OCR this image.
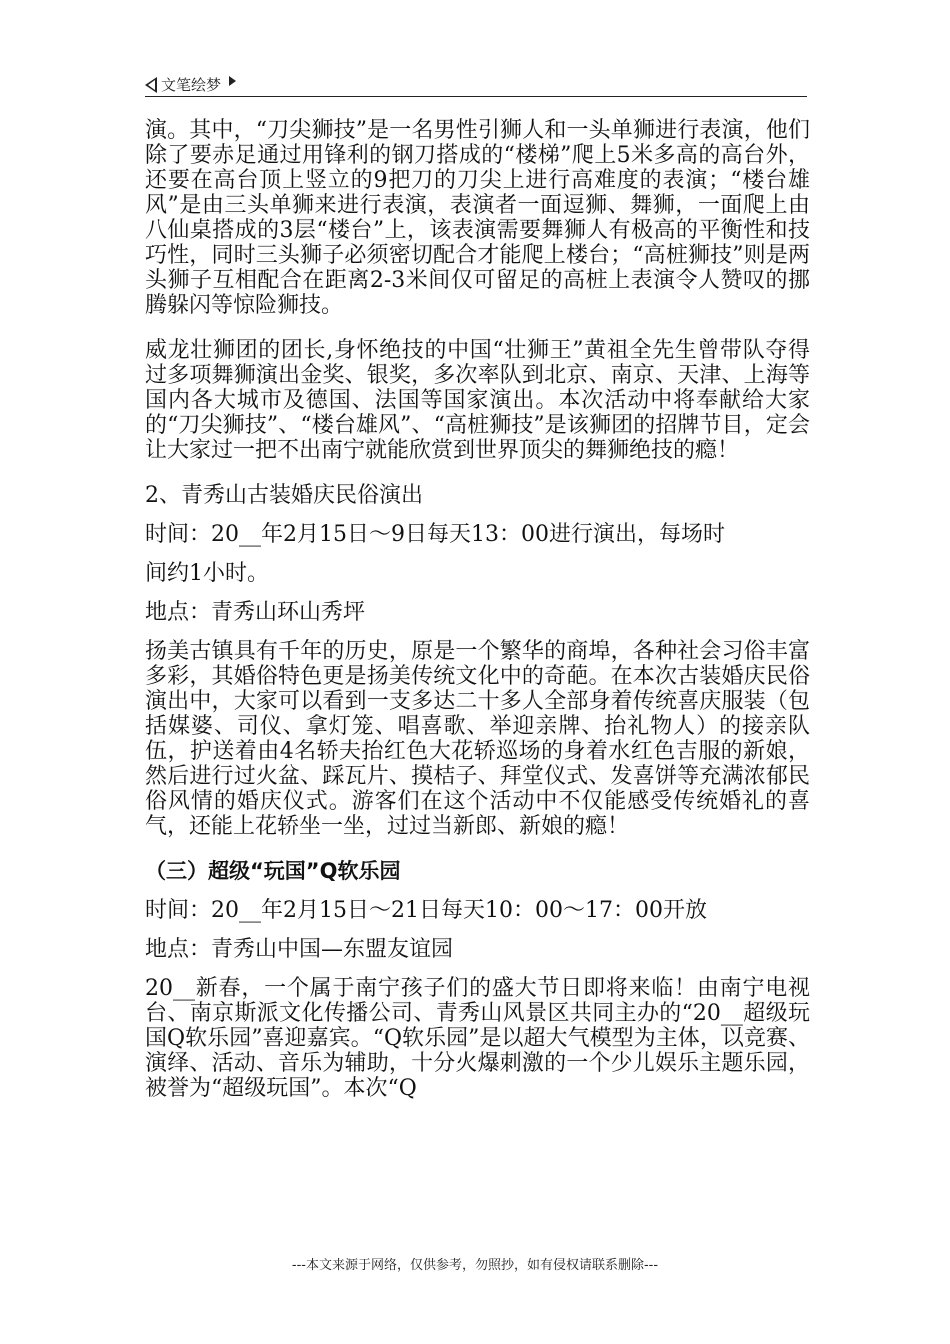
文笔绘梦

演。其中，“刀尖狮技”是一名男性引狮人和一头单狮进行表演，他们除了要赤足通过用锋利的钢刀搭成的“楼梯”爬上5米多高的高台外，还要在高台顶上竖立的9把刀的刀尖上进行高难度的表演；“楼台雄风”是由三头单狮来进行表演，表演者一面逗狮、舞狮，一面爬上由八仙桌搭成的3层“楼台”上，该表演需要舞狮人有极高的平衡性和技巧性，同时三头狮子必须密切配合才能爬上楼台；“高桩狮技”则是两头狮子互相配合在距离2-3米间仅可留足的高桩上表演令人赞叹的挪腾躲闪等惊险狮技。

威龙壮狮团的团长,身怀绝技的中国“壮狮王”黄祖全先生曾带队夺得过多项舞狮演出金奖、银奖，多次率队到北京、南京、天津、上海等国内各大城市及德国、法国等国家演出。本次活动中将奉献给大家的“刀尖狮技”、“楼台雄风”、“高桩狮技”是该狮团的招牌节目，定会让大家过一把不出南宁就能欣赏到世界顶尖的舞狮绝技的瘾！

2、青秀山古装婚庆民俗演出

时间：20__年2月15日～9日每天13：00进行演出，每场时

间约1小时。

地点：青秀山环山秀坪

扬美古镇具有千年的历史，原是一个繁华的商埠，各种社会习俗丰富多彩，其婚俗特色更是扬美传统文化中的奇葩。在本次古装婚庆民俗演出中，大家可以看到一支多达二十多人全部身着传统喜庆服装（包括媒婆、司仪、拿灯笼、唱喜歌、举迎亲牌、抬礼物人）的接亲队伍，护送着由4名轿夫抬红色大花轿巡场的身着水红色吉服的新娘，然后进行过火盆、踩瓦片、摸桔子、拜堂仪式、发喜饼等充满浓郁民俗风情的婚庆仪式。游客们在这个活动中不仅能感受传统婚礼的喜气，还能上花轿坐一坐，过过当新郎、新娘的瘾！

（三）超级“玩国”Q软乐园

时间：20__年2月15日～21日每天10：00～17：00开放

地点：青秀山中国—东盟友谊园

20__新春，一个属于南宁孩子们的盛大节日即将来临！由南宁电视台、南京斯派文化传播公司、青秀山风景区共同主办的“20__超级玩国Q软乐园”喜迎嘉宾。“Q软乐园”是以超大气模型为主体，以竞赛、演绎、活动、音乐为辅助，十分火爆刺激的一个少儿娱乐主题乐园，被誉为“超级玩国”。本次“Q

---本文来源于网络，仅供参考，勿照抄，如有侵权请联系删除---
